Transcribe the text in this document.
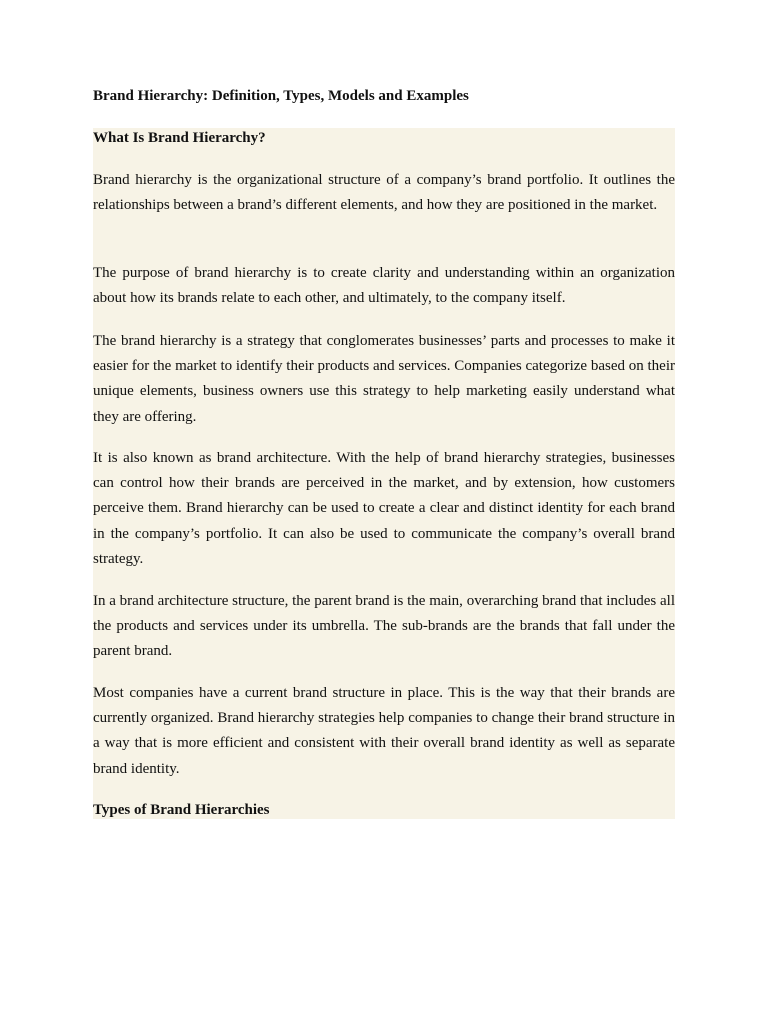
Brand Hierarchy: Definition, Types, Models and Examples
What Is Brand Hierarchy?

Brand hierarchy is the organizational structure of a company’s brand portfolio. It outlines the relationships between a brand’s different elements, and how they are positioned in the market.

The purpose of brand hierarchy is to create clarity and understanding within an organization about how its brands relate to each other, and ultimately, to the company itself.

The brand hierarchy is a strategy that conglomerates businesses’ parts and processes to make it easier for the market to identify their products and services. Companies categorize based on their unique elements, business owners use this strategy to help marketing easily understand what they are offering.

It is also known as brand architecture. With the help of brand hierarchy strategies, businesses can control how their brands are perceived in the market, and by extension, how customers perceive them. Brand hierarchy can be used to create a clear and distinct identity for each brand in the company’s portfolio. It can also be used to communicate the company’s overall brand strategy.

In a brand architecture structure, the parent brand is the main, overarching brand that includes all the products and services under its umbrella. The sub-brands are the brands that fall under the parent brand.

Most companies have a current brand structure in place. This is the way that their brands are currently organized. Brand hierarchy strategies help companies to change their brand structure in a way that is more efficient and consistent with their overall brand identity as well as separate brand identity.

Types of Brand Hierarchies
